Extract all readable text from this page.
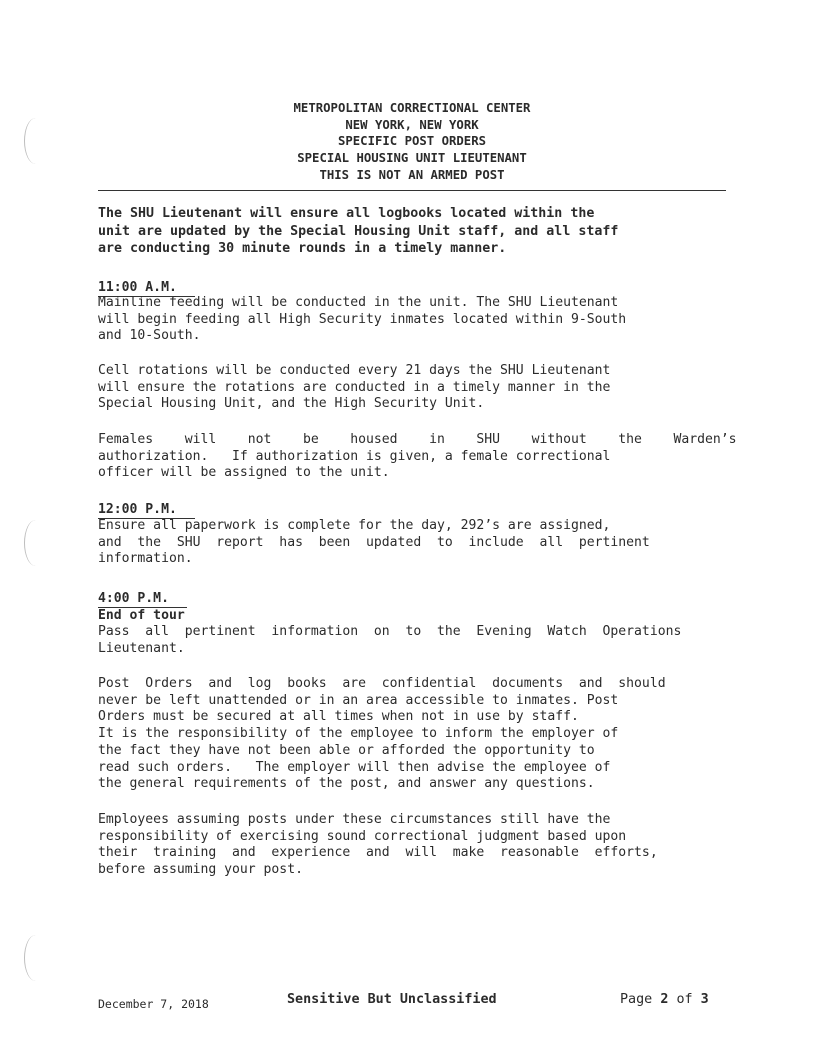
METROPOLITAN CORRECTIONAL CENTER
NEW YORK, NEW YORK
SPECIFIC POST ORDERS
SPECIAL HOUSING UNIT LIEUTENANT
THIS IS NOT AN ARMED POST

The SHU Lieutenant will ensure all logbooks located within the
unit are updated by the Special Housing Unit staff, and all staff
are conducting 30 minute rounds in a timely manner.

11:00 A.M.

Mainline feeding will be conducted in the unit. The SHU Lieutenant
will begin feeding all High Security inmates located within 9-South
and 10-South.

Cell rotations will be conducted every 21 days the SHU Lieutenant
will ensure the rotations are conducted in a timely manner in the
Special Housing Unit, and the High Security Unit.

Females    will    not    be    housed    in    SHU    without    the    Warden’s
authorization.   If authorization is given, a female correctional
officer will be assigned to the unit.

12:00 P.M.

Ensure all paperwork is complete for the day, 292’s are assigned,
and  the  SHU  report  has  been  updated  to  include  all  pertinent
information.

4:00 P.M.
End of tour

Pass  all  pertinent  information  on  to  the  Evening  Watch  Operations
Lieutenant.

Post  Orders  and  log  books  are  confidential  documents  and  should
never be left unattended or in an area accessible to inmates. Post
Orders must be secured at all times when not in use by staff.
It is the responsibility of the employee to inform the employer of
the fact they have not been able or afforded the opportunity to
read such orders.   The employer will then advise the employee of
the general requirements of the post, and answer any questions.

Employees assuming posts under these circumstances still have the
responsibility of exercising sound correctional judgment based upon
their  training  and  experience  and  will  make  reasonable  efforts,
before assuming your post.

December 7, 2018	Sensitive But Unclassified	Page 2 of 3
